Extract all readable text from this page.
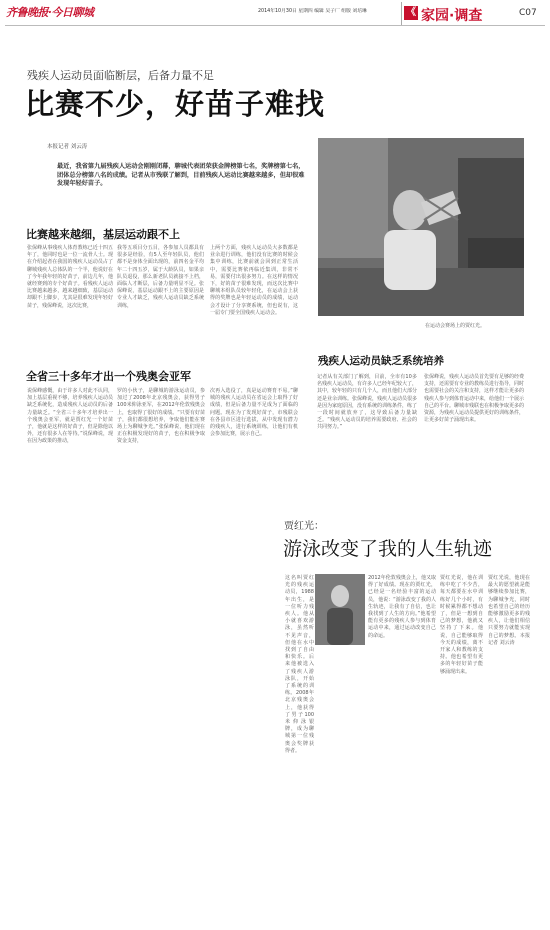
齐鲁晚报·今日聊城	2014年10月30日 星期四 编辑 吴子厂 组版 刘培琳	《 家园·调查	C07
残疾人运动员面临断层，后备力量不足
比赛不少，好苗子难找
本报记者 刘云涛
最近，我省第九届残疾人运动会刚刚闭幕，聊城代表团荣获金牌榜第七名，奖牌榜第七名，团体总分榜第八名的成绩。记者从市残联了解到，目前残疾人运动比赛越来越多，但却很难发现年轻好苗子。
在运动会赛场上的贾红光。
比赛越来越细，基层运动跟不上
张保峰从事残疾人体育教练已近十四五年了，他同时也是一位一流骨人士。现在介绍起者在我国的残疾人运动员占了聊城残疾人总体队的一个半，他说好在了今年我年轻的好苗子，前边几年，他就经赛到的专个好苗子。看残疾人运动比赛越来越多，越来越细致，基层运动却跟不上脚步，尤其是很难发现年轻好苗子，残保峰说，这次比赛，
我等五项目分五目，各参加人员都具有很多是经验，有5人至年轻队员，他们都不是身体全面出现的，前四名金平均年二十四五岁，属于大龄队员，如果亲队员退役，那么新老队员就接不上档，面临人才断层，后备力量明显不足。张保峰说，基层运动跟不上的主要原因是专业人才缺乏，残疾人运动员缺乏系统训练，
上两个方面，残疾人运动员大多数都是业余进行训练，他们没有比赛的时候会集中训练，比赛前就会回到正常生活中，需要比赛依再临近集训，非常不易，需要付出很多努力。在这样的情况下，好的苗子很难发现，而这次比赛中聊城本组队员较年轻化，在运动会上获得的奖牌也是年轻运动员的成绩，运动会才设计了分享赛系统，但也说有，这一届专门要全国残疾人运动会。
全省三十多年才出一个残奥会亚军
说保峰感慨，由于许多人对此不认同，加上基层重视不够，培养残疾人运动员缺乏系统化，造成残疾人运动员的后备力量缺乏。“全省三十多年才培养出一个残奥会亚军，就是贾红光一个好苗子，他就是这样的好苗子，但是除他以外，还有很多人在等待。”说保峰说，现在因为政策的推动，
罗的小伙子，是聊城的游泳运动员，参加过了2008年北京残奥会，获得男子100米仰泳亚军，在2012年伦敦残奥会上，也取得了很好的成绩。“只要有好苗子，我们都很想培养，争取他们能在赛场上为聊城争光。”张保峰说，他们现在正在积极发现好的苗子，也在积极争取资金支持，
次再入选役了，真是运动赛育不易。”聊城的残疾人运动员在省运会上取得了好成绩，但是后备力量不足成为了面临的问题。现在为了发现好苗子，市残联会在各县市区进行选拔，从中发现有潜力的残疾人，进行系统训练，让他们有机会参加比赛，展示自己。
残疾人运动员缺乏系统培养
记者从有关部门了解到，目前，全市有10多名残疾人运动员，有许多人已经年纪较大了，其中，较年轻的只有几个人，而且他们大部分还是业余训练。张保峰说，残疾人运动员很多是因为家庭原因，没有系统的训练条件，练了一段时间就放弃了，这导致后备力量缺乏。“残疾人运动员的培养需要政府、社会的共同努力。”
张保峰说，残疾人运动员首先要有足够的经费支持，还需要有专业的教练员进行指导，同时也需要社会的关注和支持，这样才能让更多的残疾人参与到体育运动中来，给他们一个展示自己的平台。聊城市残联也在积极争取更多的资源，为残疾人运动员提供更好的训练条件，让更多好苗子涌现出来。
贾红光：
游泳改变了我的人生轨迹
这名叫贾红光的残疾运动员，1988年出生，是一位听力残疾人。他从小就喜欢游泳，虽然听不见声音，但他在水中找到了自由和快乐。后来他被选入了残疾人游泳队，开始了系统的训练。2008年北京残奥会上，他获得了男子100米仰泳银牌，成为聊城第一位残奥会奖牌获得者。
2012年伦敦残奥会上，他又取得了好成绩。现在的贾红光，已经是一名经验丰富的运动员，他说：“游泳改变了我的人生轨迹，让我有了自信，也让我找到了人生的方向。”他希望能有更多的残疾人参与到体育运动中来，通过运动改变自己的命运。
贾红光说，他在训练中吃了不少苦，每天都要在水中训练好几个小时，有时候累得都不想动了，但是一想到自己的梦想，他就又坚持了下来。他说，自己能够取得今天的成绩，离不开家人和教练的支持。他也希望有更多的年轻好苗子能够涌现出来。
贾红光说，他现在最大的愿望就是能够继续参加比赛，为聊城争光，同时也希望自己的经历能够激励更多的残疾人，让他们相信只要努力就能实现自己的梦想。本报记者 刘云涛
